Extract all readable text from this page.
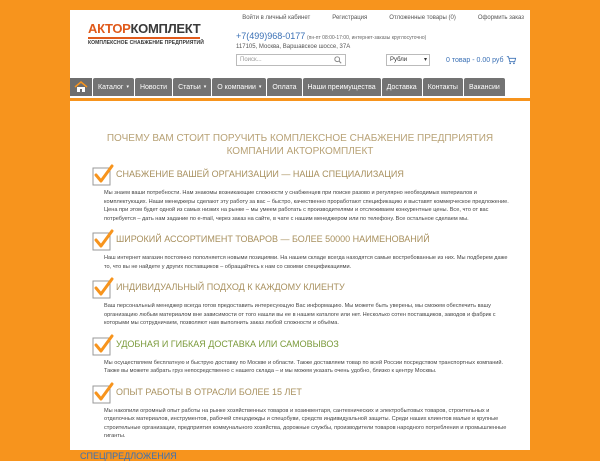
АКТОРКОМПЛЕКТ
КОМПЛЕКСНОЕ СНАБЖЕНИЕ ПРЕДПРИЯТИЙ
Войти в личный кабинет	Регистрация	Отложенные товары (0)	Оформить заказ
+7(499)968-0177 (пн-пт 08:00-17:00, интернет-заказы круглосуточно)
117105, Москва, Варшавское шоссе, 37А
Поиск...	Рубли	▾	0 товар - 0.00 руб
Каталог ▾ Новости Статьи ▾ О компании ▾ Оплата Наши преимущества Доставка Контакты Вакансии
ПОЧЕМУ ВАМ СТОИТ ПОРУЧИТЬ КОМПЛЕКСНОЕ СНАБЖЕНИЕ ПРЕДПРИЯТИЯ КОМПАНИИ АКТОРКОМПЛЕКТ
СНАБЖЕНИЕ ВАШЕЙ ОРГАНИЗАЦИИ — НАША СПЕЦИАЛИЗАЦИЯ
Мы знаем ваши потребности. Нам знакомы возникающие сложности у снабженцев при поиске разово и регулярно необходимых материалов и комплектующих. Наши менеджеры сделают эту работу за вас – быстро, качественно проработают спецификацию и выставят коммерческое предложение. Цена при этом будет одной из самых низких на рынке – мы умеем работать с производителями и отслеживаем конкурентные цены. Все, что от вас потребуется – дать нам задание по e-mail, через заказ на сайте, в чате с нашим менеджером или по телефону. Все остальное сделаем мы.
ШИРОКИЙ АССОРТИМЕНТ ТОВАРОВ — БОЛЕЕ 50000 НАИМЕНОВАНИЙ
Наш интернет магазин постоянно пополняется новыми позициями. На нашем складе всегда находятся самые востребованные из них. Мы подберем даже то, что вы не найдете у других поставщиков – обращайтесь к нам со своими спецификациями.
ИНДИВИДУАЛЬНЫЙ ПОДХОД К КАЖДОМУ КЛИЕНТУ
Ваш персональный менеджер всегда готов предоставить интересующую Вас информацию. Мы можете быть уверены, мы сможем обеспечить вашу организацию любым материалом вне зависимости от того нашли вы ее в нашем каталоге или нет. Несколько сотен поставщиков, заводов и фабрик с которыми мы сотрудничаем, позволяют нам выполнить заказ любой сложности и объёма.
УДОБНАЯ И ГИБКАЯ ДОСТАВКА ИЛИ САМОВЫВОЗ
Мы осуществляем бесплатную и быструю доставку по Москве и области. Также доставляем товар по всей России посредством транспортных компаний. Также вы можете забрать груз непосредственно с нашего склада – и мы можем указать очень удобно, близко к центру Москвы.
ОПЫТ РАБОТЫ В ОТРАСЛИ БОЛЕЕ 15 ЛЕТ
Мы накопили огромный опыт работы на рынке хозяйственных товаров и хозинвентаря, сантехнических и электробытовых товаров, строительных и отделочных материалов, инструментов, рабочей спецодежды и спецобуви, средств индивидуальной защиты. Среди наших клиентов малые и крупные строительные организации, предприятия коммунального хозяйства, дорожные службы, производители товаров народного потребления и промышленные гиганты.
СПЕЦПРЕДЛОЖЕНИЯ
